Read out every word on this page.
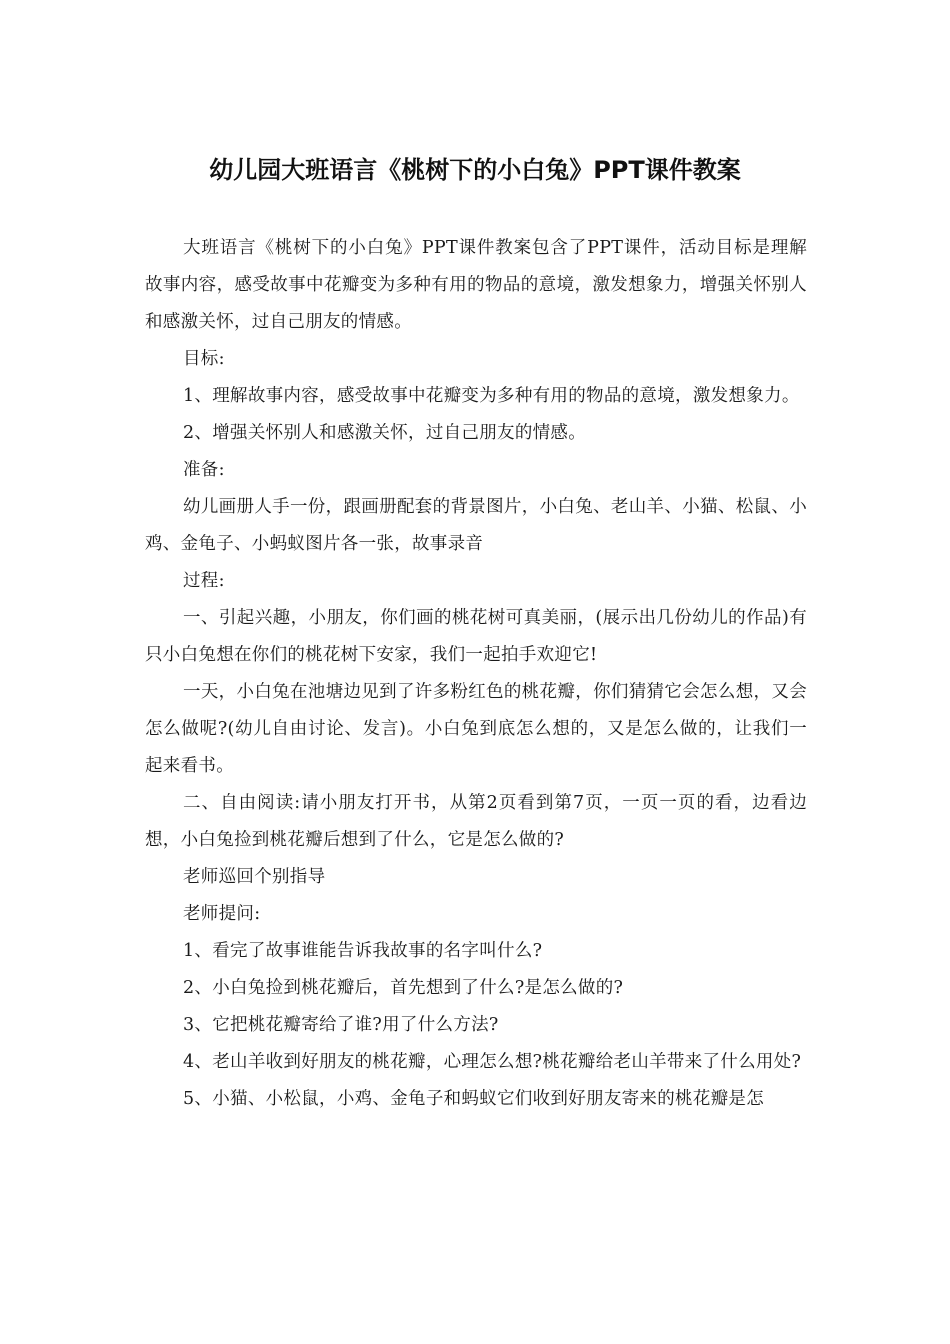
幼儿园大班语言《桃树下的小白兔》PPT课件教案

大班语言《桃树下的小白兔》PPT课件教案包含了PPT课件，活动目标是理解故事内容，感受故事中花瓣变为多种有用的物品的意境，激发想象力，增强关怀别人和感激关怀，过自己朋友的情感。

目标:

1、理解故事内容，感受故事中花瓣变为多种有用的物品的意境，激发想象力。

2、增强关怀别人和感激关怀，过自己朋友的情感。

准备:

幼儿画册人手一份，跟画册配套的背景图片，小白兔、老山羊、小猫、松鼠、小鸡、金龟子、小蚂蚁图片各一张，故事录音

过程:

一、引起兴趣，小朋友，你们画的桃花树可真美丽，(展示出几份幼儿的作品)有只小白兔想在你们的桃花树下安家，我们一起拍手欢迎它!

一天，小白兔在池塘边见到了许多粉红色的桃花瓣，你们猜猜它会怎么想，又会怎么做呢?(幼儿自由讨论、发言)。小白兔到底怎么想的，又是怎么做的，让我们一起来看书。

二、自由阅读:请小朋友打开书，从第2页看到第7页，一页一页的看，边看边想，小白兔捡到桃花瓣后想到了什么，它是怎么做的?

老师巡回个别指导

老师提问:

1、看完了故事谁能告诉我故事的名字叫什么?

2、小白兔捡到桃花瓣后，首先想到了什么?是怎么做的?

3、它把桃花瓣寄给了谁?用了什么方法?

4、老山羊收到好朋友的桃花瓣，心理怎么想?桃花瓣给老山羊带来了什么用处?

5、小猫、小松鼠，小鸡、金龟子和蚂蚁它们收到好朋友寄来的桃花瓣是怎
